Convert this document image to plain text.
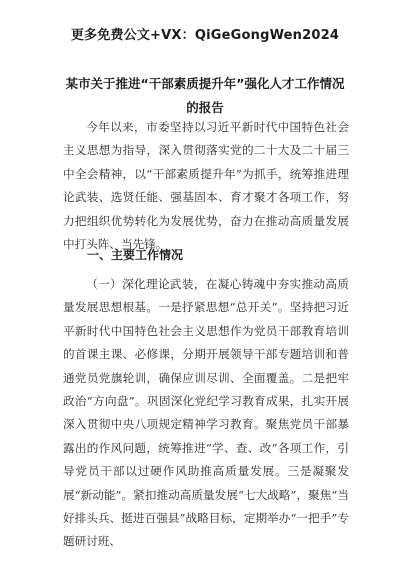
更多免费公文+VX：QiGeGongWen2024
某市关于推进“干部素质提升年”强化人才工作情况的报告

今年以来，市委坚持以习近平新时代中国特色社会主义思想为指导，深入贯彻落实党的二十大及二十届三中全会精神，以“干部素质提升年”为抓手，统筹推进理论武装、选贤任能、强基固本、育才聚才各项工作，努力把组织优势转化为发展优势，奋力在推动高质量发展中打头阵、当先锋。

一、主要工作情况

（一）深化理论武装，在凝心铸魂中夯实推动高质量发展思想根基。一是抒紧思想“总开关”。坚持把习近平新时代中国特色社会主义思想作为党员干部教育培训的首课主课、必修课，分期开展领导干部专题培训和普通党员党旗轮训，确保应训尽训、全面覆盖。二是把牢政治“方向盘”。巩固深化党纪学习教育成果，扎实开展深入贯彻中央八项规定精神学习教育。聚焦党员干部暴露出的作风问题，统筹推进“学、查、改”各项工作，引导党员干部以过硬作风助推高质量发展。三是凝聚发展“新动能”。紧扣推动高质量发展“七大战略”，聚焦“当好排头兵、挺进百强县”战略目标，定期举办“一把手”专题研讨班、
